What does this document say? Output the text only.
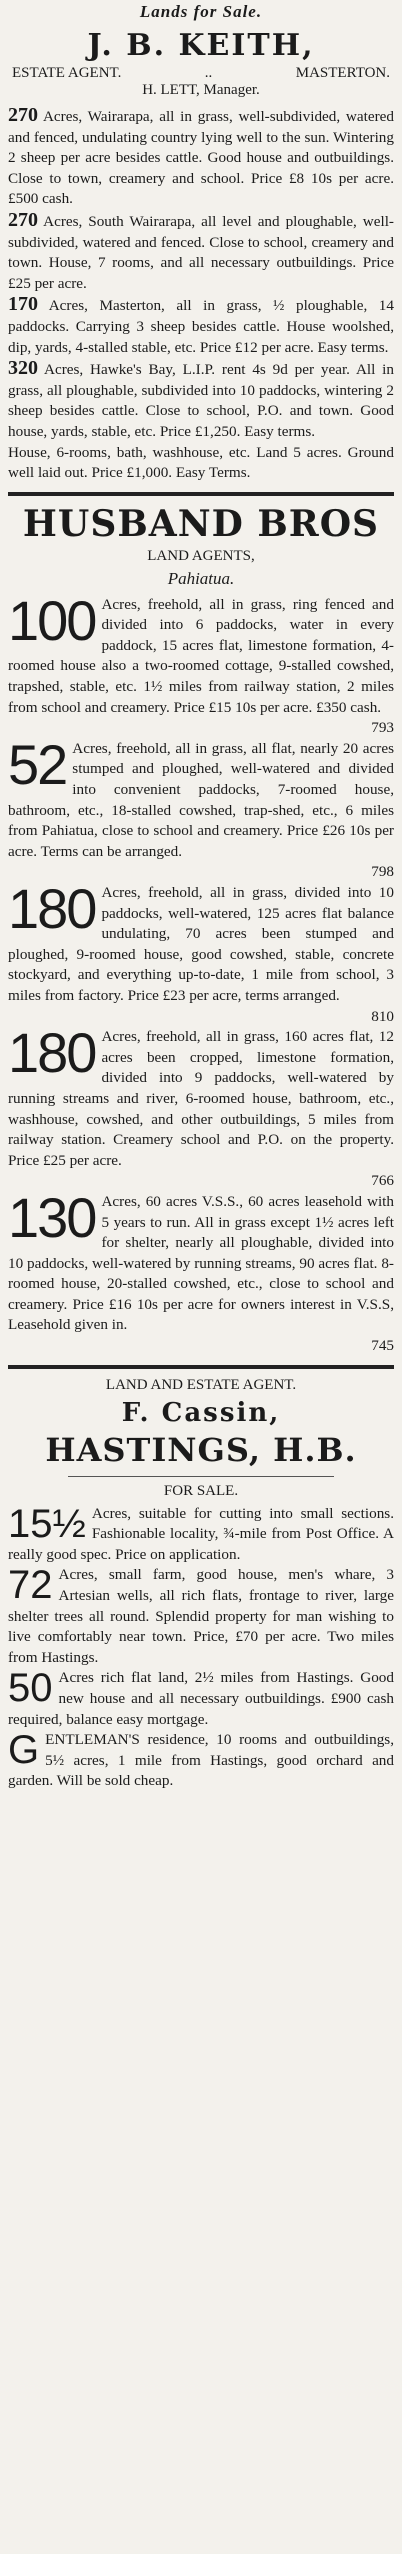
Lands for Sale.
J. B. KEITH,
ESTATE AGENT.	..	MASTERTON.
H. LETT, Manager.

270 Acres, Wairarapa, all in grass, well-subdivided, watered and fenced, undulating country lying well to the sun. Wintering 2 sheep per acre besides cattle. Good house and outbuildings. Close to town, creamery and school. Price £8 10s per acre. £500 cash.

270 Acres, South Wairarapa, all level and ploughable, well-subdivided, watered and fenced. Close to school, creamery and town. House, 7 rooms, and all necessary outbuildings. Price £25 per acre.

170 Acres, Masterton, all in grass, ½ ploughable, 14 paddocks. Carrying 3 sheep besides cattle. House woolshed, dip, yards, 4-stalled stable, etc. Price £12 per acre. Easy terms.

320 Acres, Hawke's Bay, L.I.P. rent 4s 9d per year. All in grass, all ploughable, subdivided into 10 paddocks, wintering 2 sheep besides cattle. Close to school, P.O. and town. Good house, yards, stable, etc. Price £1,250. Easy terms.

House, 6-rooms, bath, washhouse, etc. Land 5 acres. Ground well laid out. Price £1,000. Easy Terms.

HUSBAND BROS
LAND AGENTS,
Pahiatua.

100 Acres, freehold, all in grass, ring fenced and divided into 6 paddocks, water in every paddock, 15 acres flat, limestone formation, 4-roomed house also a two-roomed cottage, 9-stalled cowshed, trapshed, stable, etc. 1½ miles from railway station, 2 miles from school and creamery. Price £15 10s per acre. £350 cash.
793

52 Acres, freehold, all in grass, all flat, nearly 20 acres stumped and ploughed, well-watered and divided into convenient paddocks, 7-roomed house, bathroom, etc., 18-stalled cowshed, trap-shed, etc., 6 miles from Pahiatua, close to school and creamery. Price £26 10s per acre. Terms can be arranged.
798

180 Acres, freehold, all in grass, divided into 10 paddocks, well-watered, 125 acres flat balance undulating, 70 acres been stumped and ploughed, 9-roomed house, good cowshed, stable, concrete stockyard, and everything up-to-date, 1 mile from school, 3 miles from factory. Price £23 per acre, terms arranged.
810

180 Acres, freehold, all in grass, 160 acres flat, 12 acres been cropped, limestone formation, divided into 9 paddocks, well-watered by running streams and river, 6-roomed house, bathroom, etc., washhouse, cowshed, and other outbuildings, 5 miles from railway station. Creamery school and P.O. on the property. Price £25 per acre.
766

130 Acres, 60 acres V.S.S., 60 acres leasehold with 5 years to run. All in grass except 1½ acres left for shelter, nearly all ploughable, divided into 10 paddocks, well-watered by running streams, 90 acres flat. 8-roomed house, 20-stalled cowshed, etc., close to school and creamery. Price £16 10s per acre for owners interest in V.S.S, Leasehold given in.
745

LAND AND ESTATE AGENT.
F. Cassin,
HASTINGS, H.B.
FOR SALE.

15½ Acres, suitable for cutting into small sections. Fashionable locality, ¾-mile from Post Office. A really good spec. Price on application.

72 Acres, small farm, good house, men's whare, 3 Artesian wells, all rich flats, frontage to river, large shelter trees all round. Splendid property for man wishing to live comfortably near town. Price, £70 per acre. Two miles from Hastings.

50 Acres rich flat land, 2½ miles from Hastings. Good new house and all necessary outbuildings. £900 cash required, balance easy mortgage.

GENTLEMAN'S residence, 10 rooms and outbuildings, 5½ acres, 1 mile from Hastings, good orchard and garden. Will be sold cheap.
